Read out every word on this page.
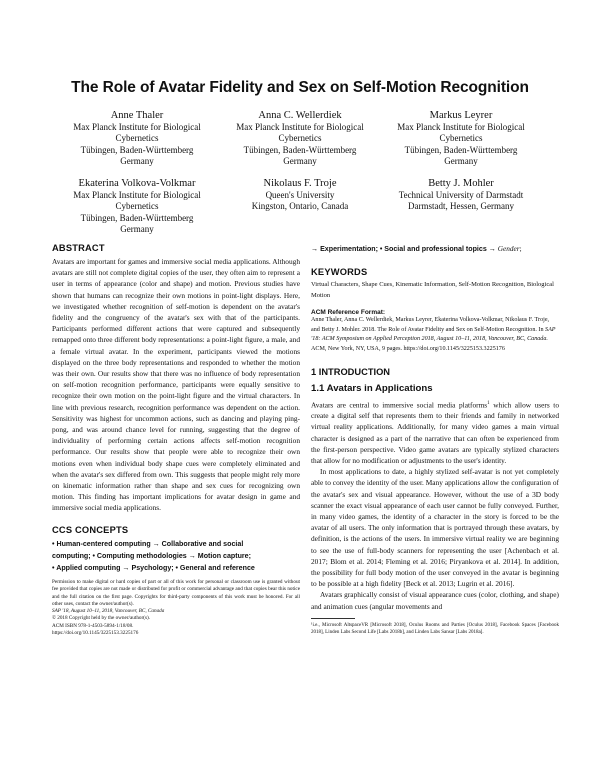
The Role of Avatar Fidelity and Sex on Self-Motion Recognition
Anne Thaler
Max Planck Institute for Biological
Cybernetics
Tübingen, Baden-Württemberg
Germany
Anna C. Wellerdiek
Max Planck Institute for Biological
Cybernetics
Tübingen, Baden-Württemberg
Germany
Markus Leyrer
Max Planck Institute for Biological
Cybernetics
Tübingen, Baden-Württemberg
Germany
Ekaterina Volkova-Volkmar
Max Planck Institute for Biological
Cybernetics
Tübingen, Baden-Württemberg
Germany
Nikolaus F. Troje
Queen's University
Kingston, Ontario, Canada
Betty J. Mohler
Technical University of Darmstadt
Darmstadt, Hessen, Germany
ABSTRACT

Avatars are important for games and immersive social media applications. Although avatars are still not complete digital copies of the user, they often aim to represent a user in terms of appearance (color and shape) and motion. Previous studies have shown that humans can recognize their own motions in point-light displays. Here, we investigated whether recognition of self-motion is dependent on the avatar's fidelity and the congruency of the avatar's sex with that of the participants. Participants performed different actions that were captured and subsequently remapped onto three different body representations: a point-light figure, a male, and a female virtual avatar. In the experiment, participants viewed the motions displayed on the three body representations and responded to whether the motion was their own. Our results show that there was no influence of body representation on self-motion recognition performance, participants were equally sensitive to recognize their own motion on the point-light figure and the virtual characters. In line with previous research, recognition performance was dependent on the action. Sensitivity was highest for uncommon actions, such as dancing and playing ping-pong, and was around chance level for running, suggesting that the degree of individuality of performing certain actions affects self-motion recognition performance. Our results show that people were able to recognize their own motions even when individual body shape cues were completely eliminated and when the avatar's sex differed from own. This suggests that people might rely more on kinematic information rather than shape and sex cues for recognizing own motion. This finding has important implications for avatar design in game and immersive social media applications.

CCS CONCEPTS

• Human-centered computing → Collaborative and social
computing; • Computing methodologies → Motion capture;
• Applied computing → Psychology; • General and reference

Permission to make digital or hard copies of part or all of this work for personal or classroom use is granted without fee provided that copies are not made or distributed for profit or commercial advantage and that copies bear this notice and the full citation on the first page. Copyrights for third-party components of this work must be honored. For all other uses, contact the owner/author(s).

SAP '18, August 10–11, 2018, Vancouver, BC, Canada

© 2018 Copyright held by the owner/author(s).

ACM ISBN 978-1-4503-5894-1/18/08.

https://doi.org/10.1145/3225153.3225176

→ Experimentation; • Social and professional topics → Gender;

KEYWORDS

Virtual Characters, Shape Cues, Kinematic Information, Self-Motion Recognition, Biological Motion

ACM Reference Format:

Anne Thaler, Anna C. Wellerdiek, Markus Leyrer, Ekaterina Volkova-Volkmar, Nikolaus F. Troje, and Betty J. Mohler. 2018. The Role of Avatar Fidelity and Sex on Self-Motion Recognition. In SAP '18: ACM Symposium on Applied Perception 2018, August 10–11, 2018, Vancouver, BC, Canada. ACM, New York, NY, USA, 9 pages. https://doi.org/10.1145/3225153.3225176

1 INTRODUCTION
1.1 Avatars in Applications

Avatars are central to immersive social media platforms$^1$ which allow users to create a digital self that represents them to their friends and family in networked virtual reality applications. Additionally, for many video games a main virtual character is designed as a part of the narrative that can often be experienced from the first-person perspective. Video game avatars are typically stylized characters that allow for no modification or adjustments to the user's identity.

In most applications to date, a highly stylized self-avatar is not yet completely able to convey the identity of the user. Many applications allow the configuration of the avatar's sex and visual appearance. However, without the use of a 3D body scanner the exact visual appearance of each user cannot be fully conveyed. Further, in many video games, the identity of a character in the story is forced to be the avatar of all users. The only information that is portrayed through these avatars, by definition, is the actions of the users. In immersive virtual reality we are beginning to see the use of full-body scanners for representing the user [Achenbach et al. 2017; Blom et al. 2014; Fleming et al. 2016; Piryankova et al. 2014]. In addition, the possibility for full body motion of the user conveyed in the avatar is beginning to be possible at a high fidelity [Beck et al. 2013; Lugrin et al. 2016].

Avatars graphically consist of visual appearance cues (color, clothing, and shape) and animation cues (angular movements and

¹i.e., Microsoft AltspaceVR [Microsoft 2018], Oculus Rooms and Parties [Oculus 2018], Facebook Spaces [Facebook 2018], Linden Labs Second Life [Labs 2018b], and Linden Labs Sansar [Labs 2018a].
